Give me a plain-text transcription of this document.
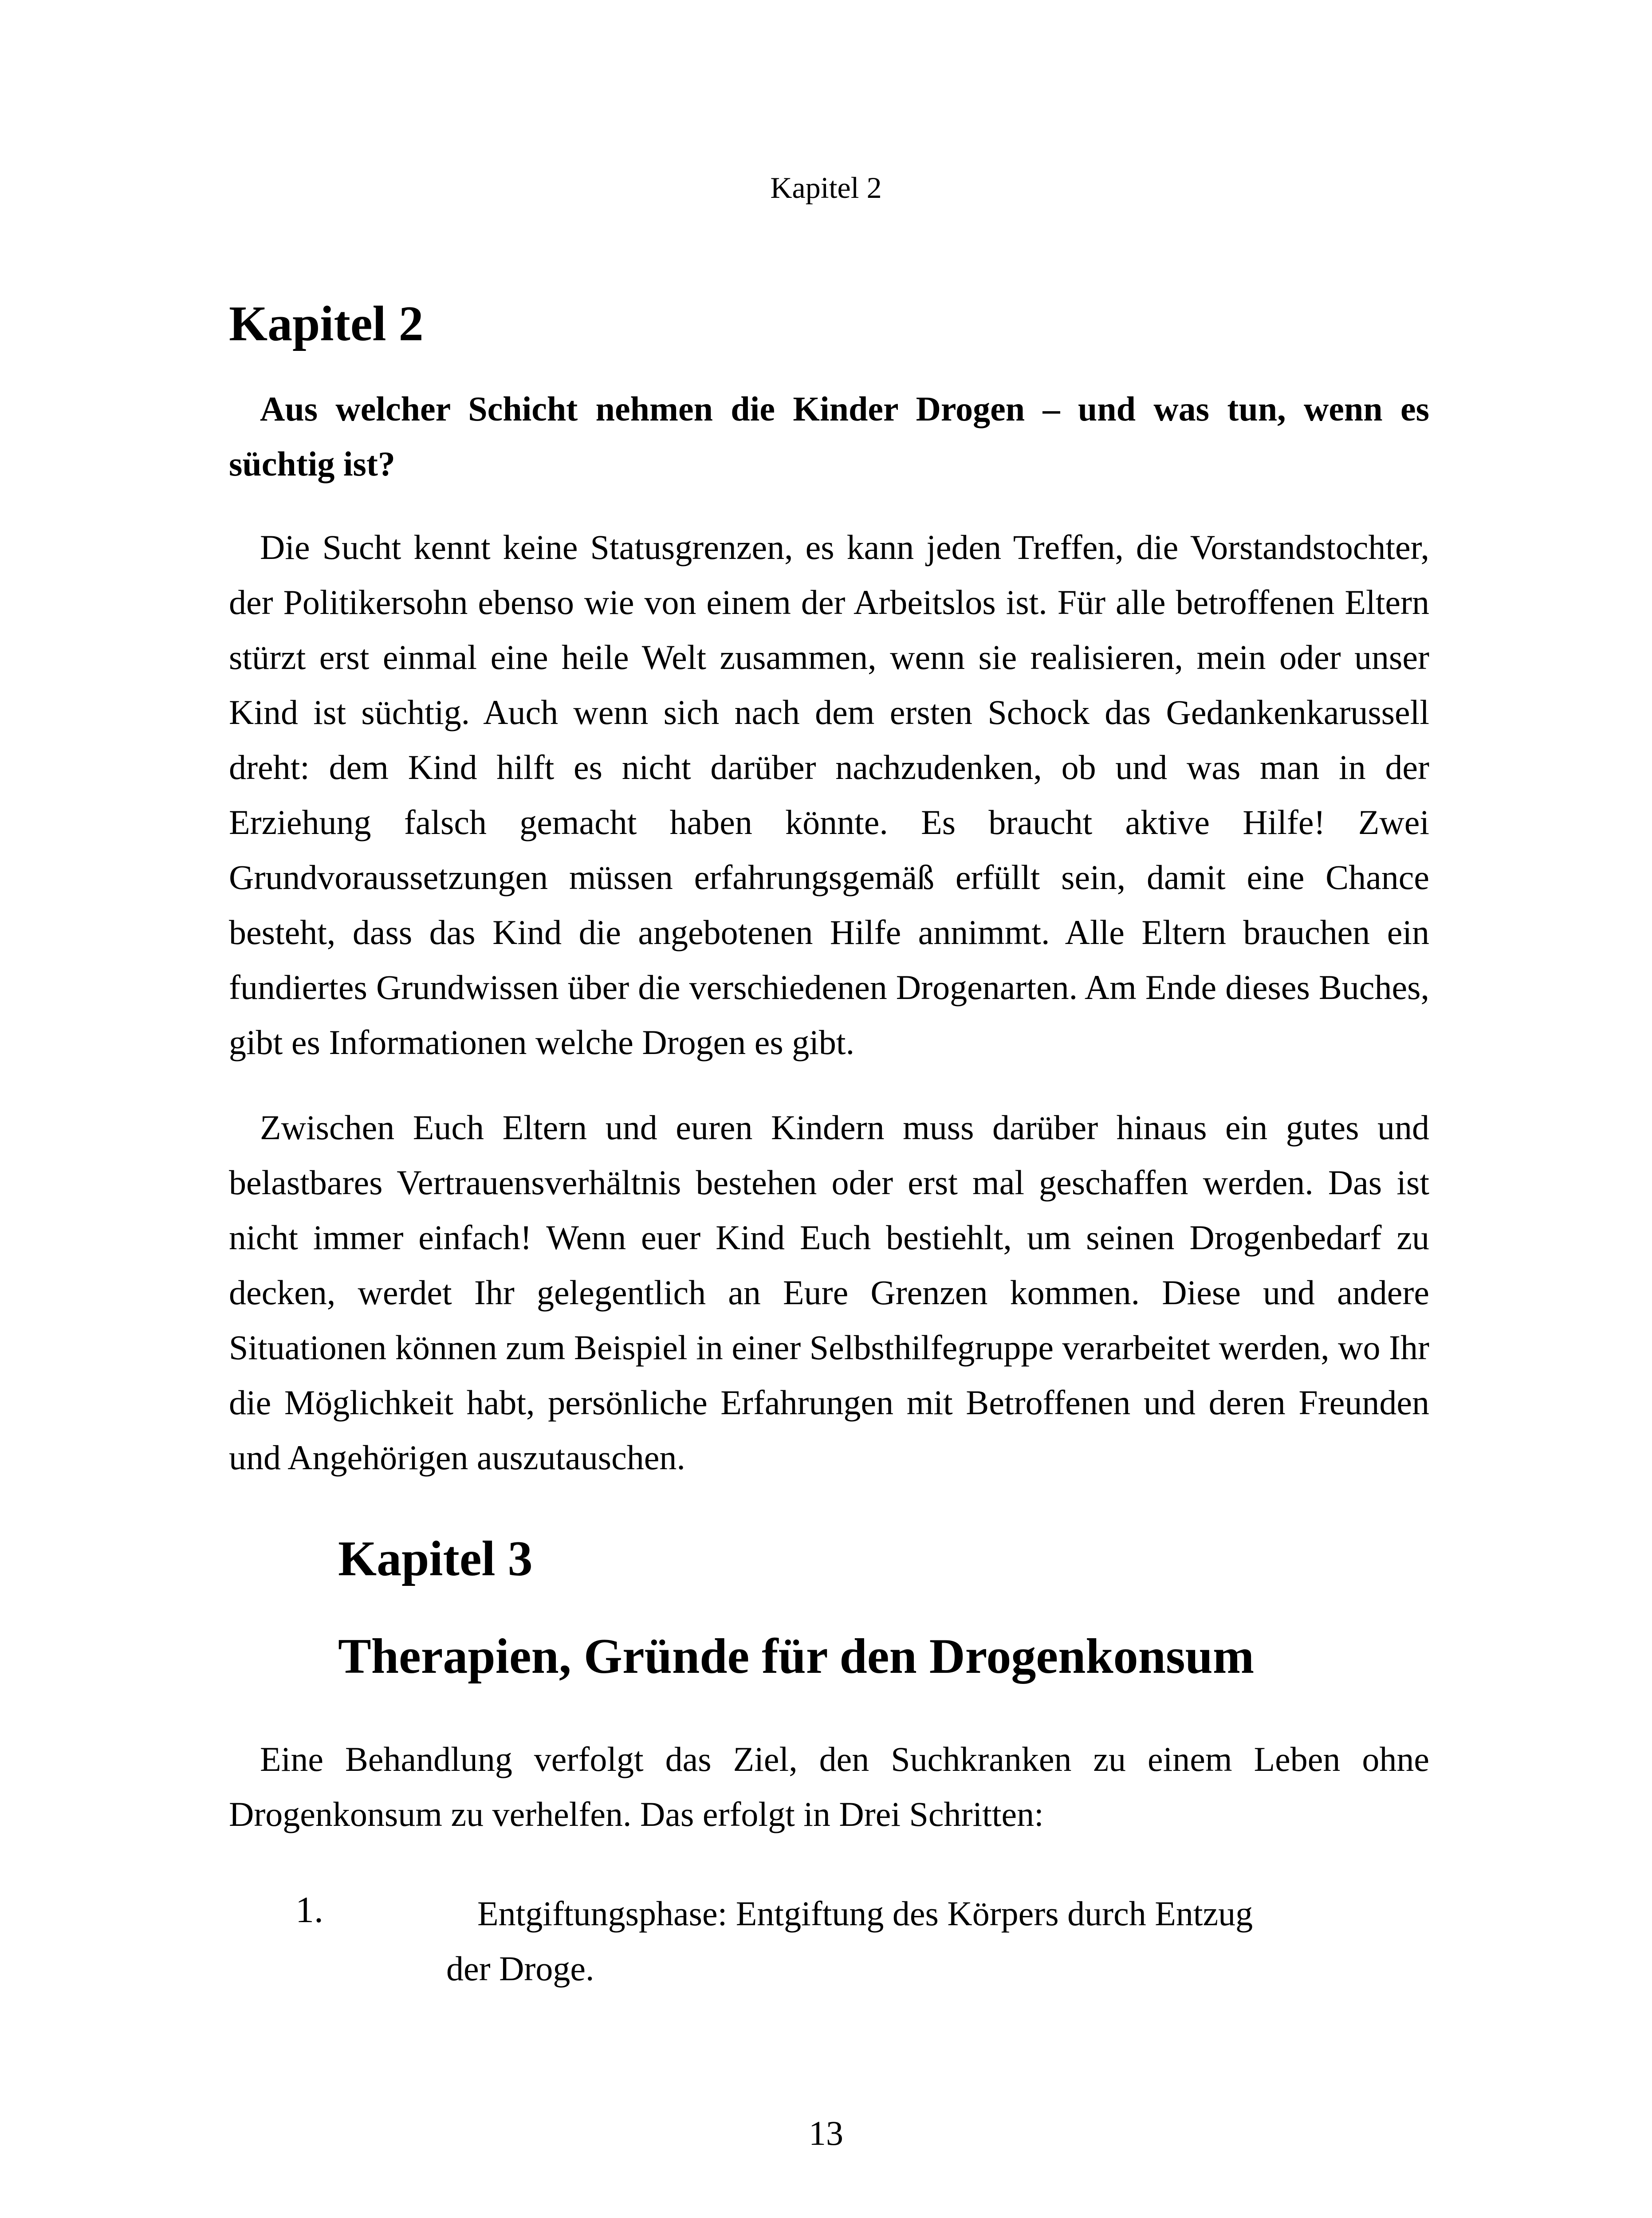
Kapitel 2
Kapitel 2

Aus welcher Schicht nehmen die Kinder Drogen – und was tun, wenn es süchtig ist?

Die Sucht kennt keine Statusgrenzen, es kann jeden Treffen, die Vorstandstochter, der Politikersohn ebenso wie von einem der Arbeitslos ist. Für alle betroffenen Eltern stürzt erst einmal eine heile Welt zusammen, wenn sie realisieren, mein oder unser Kind ist süchtig. Auch wenn sich nach dem ersten Schock das Gedankenkarussell dreht: dem Kind hilft es nicht darüber nachzudenken, ob und was man in der Erziehung falsch gemacht haben könnte. Es braucht aktive Hilfe! Zwei Grundvoraussetzungen müssen erfahrungsgemäß erfüllt sein, damit eine Chance besteht, dass das Kind die angebotenen Hilfe annimmt. Alle Eltern brauchen ein fundiertes Grundwissen über die verschiedenen Drogenarten. Am Ende dieses Buches, gibt es Informationen welche Drogen es gibt.

Zwischen Euch Eltern und euren Kindern muss darüber hinaus ein gutes und belastbares Vertrauensverhältnis bestehen oder erst mal geschaffen werden. Das ist nicht immer einfach! Wenn euer Kind Euch bestiehlt, um seinen Drogenbedarf zu decken, werdet Ihr gelegentlich an Eure Grenzen kommen. Diese und andere Situationen können zum Beispiel in einer Selbsthilfegruppe verarbeitet werden, wo Ihr die Möglichkeit habt, persönliche Erfahrungen mit Betroffenen und deren Freunden und Angehörigen auszutauschen.

Kapitel 3
Therapien, Gründe für den Drogenkonsum

Eine Behandlung verfolgt das Ziel, den Suchkranken zu einem Leben ohne Drogenkonsum zu verhelfen. Das erfolgt in Drei Schritten:

1.	Entgiftungsphase: Entgiftung des Körpers durch Entzug
der Droge.
13
